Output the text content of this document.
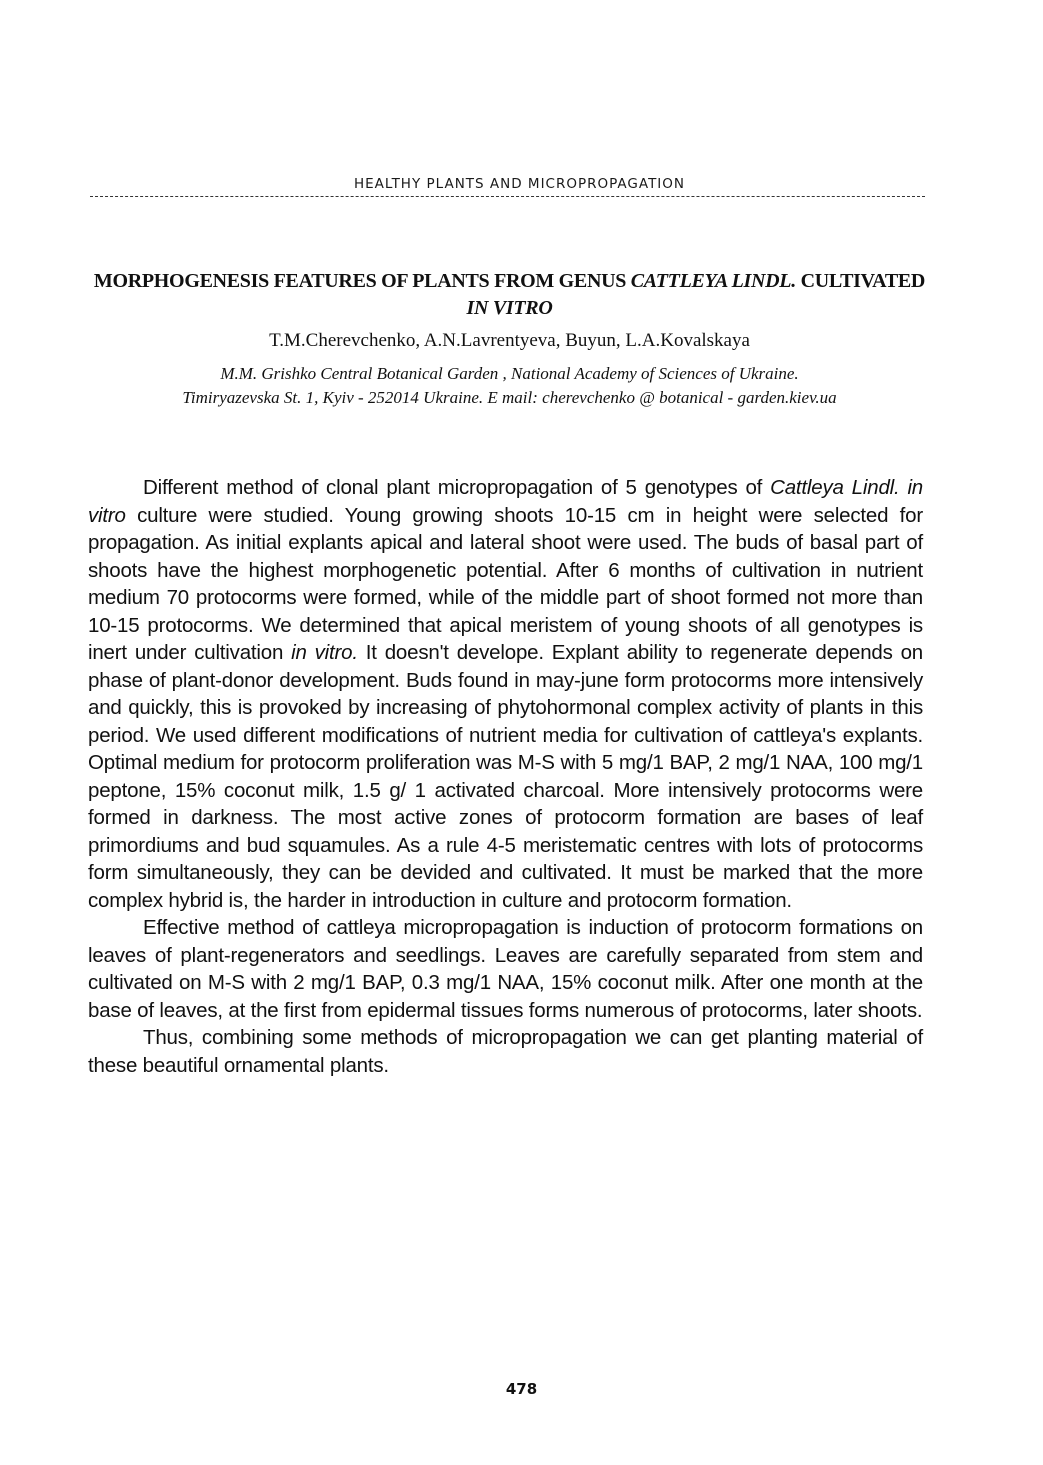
HEALTHY PLANTS AND MICROPROPAGATION
MORPHOGENESIS FEATURES OF PLANTS FROM GENUS CATTLEYA LINDL. CULTIVATED IN VITRO
T.M.Cherevchenko, A.N.Lavrentyeva, Buyun, L.A.Kovalskaya
M.M. Grishko Central Botanical Garden , National Academy of Sciences of Ukraine.
Timiryazevska St. 1, Kyiv - 252014 Ukraine. E mail: cherevchenko @ botanical - garden.kiev.ua

Different method of clonal plant micropropagation of 5 genotypes of Cattleya Lindl. in vitro culture were studied. Young growing shoots 10-15 cm in height were selected for propagation. As initial explants apical and lateral shoot were used. The buds of basal part of shoots have the highest morphogenetic potential. After 6 months of cultivation in nutrient medium 70 protocorms were formed, while of the middle part of shoot formed not more than 10-15 protocorms. We determined that apical meristem of young shoots of all genotypes is inert under cultivation in vitro. It doesn't develope. Explant ability to regenerate depends on phase of plant-donor development. Buds found in may-june form protocorms more intensively and quickly, this is provoked by increasing of phytohormonal complex activity of plants in this period. We used different modifications of nutrient media for cultivation of cattleya's explants. Optimal medium for protocorm proliferation was M-S with 5 mg/1 BAP, 2 mg/1 NAA, 100 mg/1 peptone, 15% coconut milk, 1.5 g/ 1 activated charcoal. More intensively protocorms were formed in darkness. The most active zones of protocorm formation are bases of leaf primordiums and bud squamules. As a rule 4-5 meristematic centres with lots of protocorms form simultaneously, they can be devided and cultivated. It must be marked that the more complex hybrid is, the harder in introduction in culture and protocorm formation.

Effective method of cattleya micropropagation is induction of protocorm formations on leaves of plant-regenerators and seedlings. Leaves are carefully separated from stem and cultivated on M-S with 2 mg/1 BAP, 0.3 mg/1 NAA, 15% coconut milk. After one month at the base of leaves, at the first from epidermal tissues forms numerous of protocorms, later shoots.

Thus, combining some methods of micropropagation we can get planting material of these beautiful ornamental plants.

478
